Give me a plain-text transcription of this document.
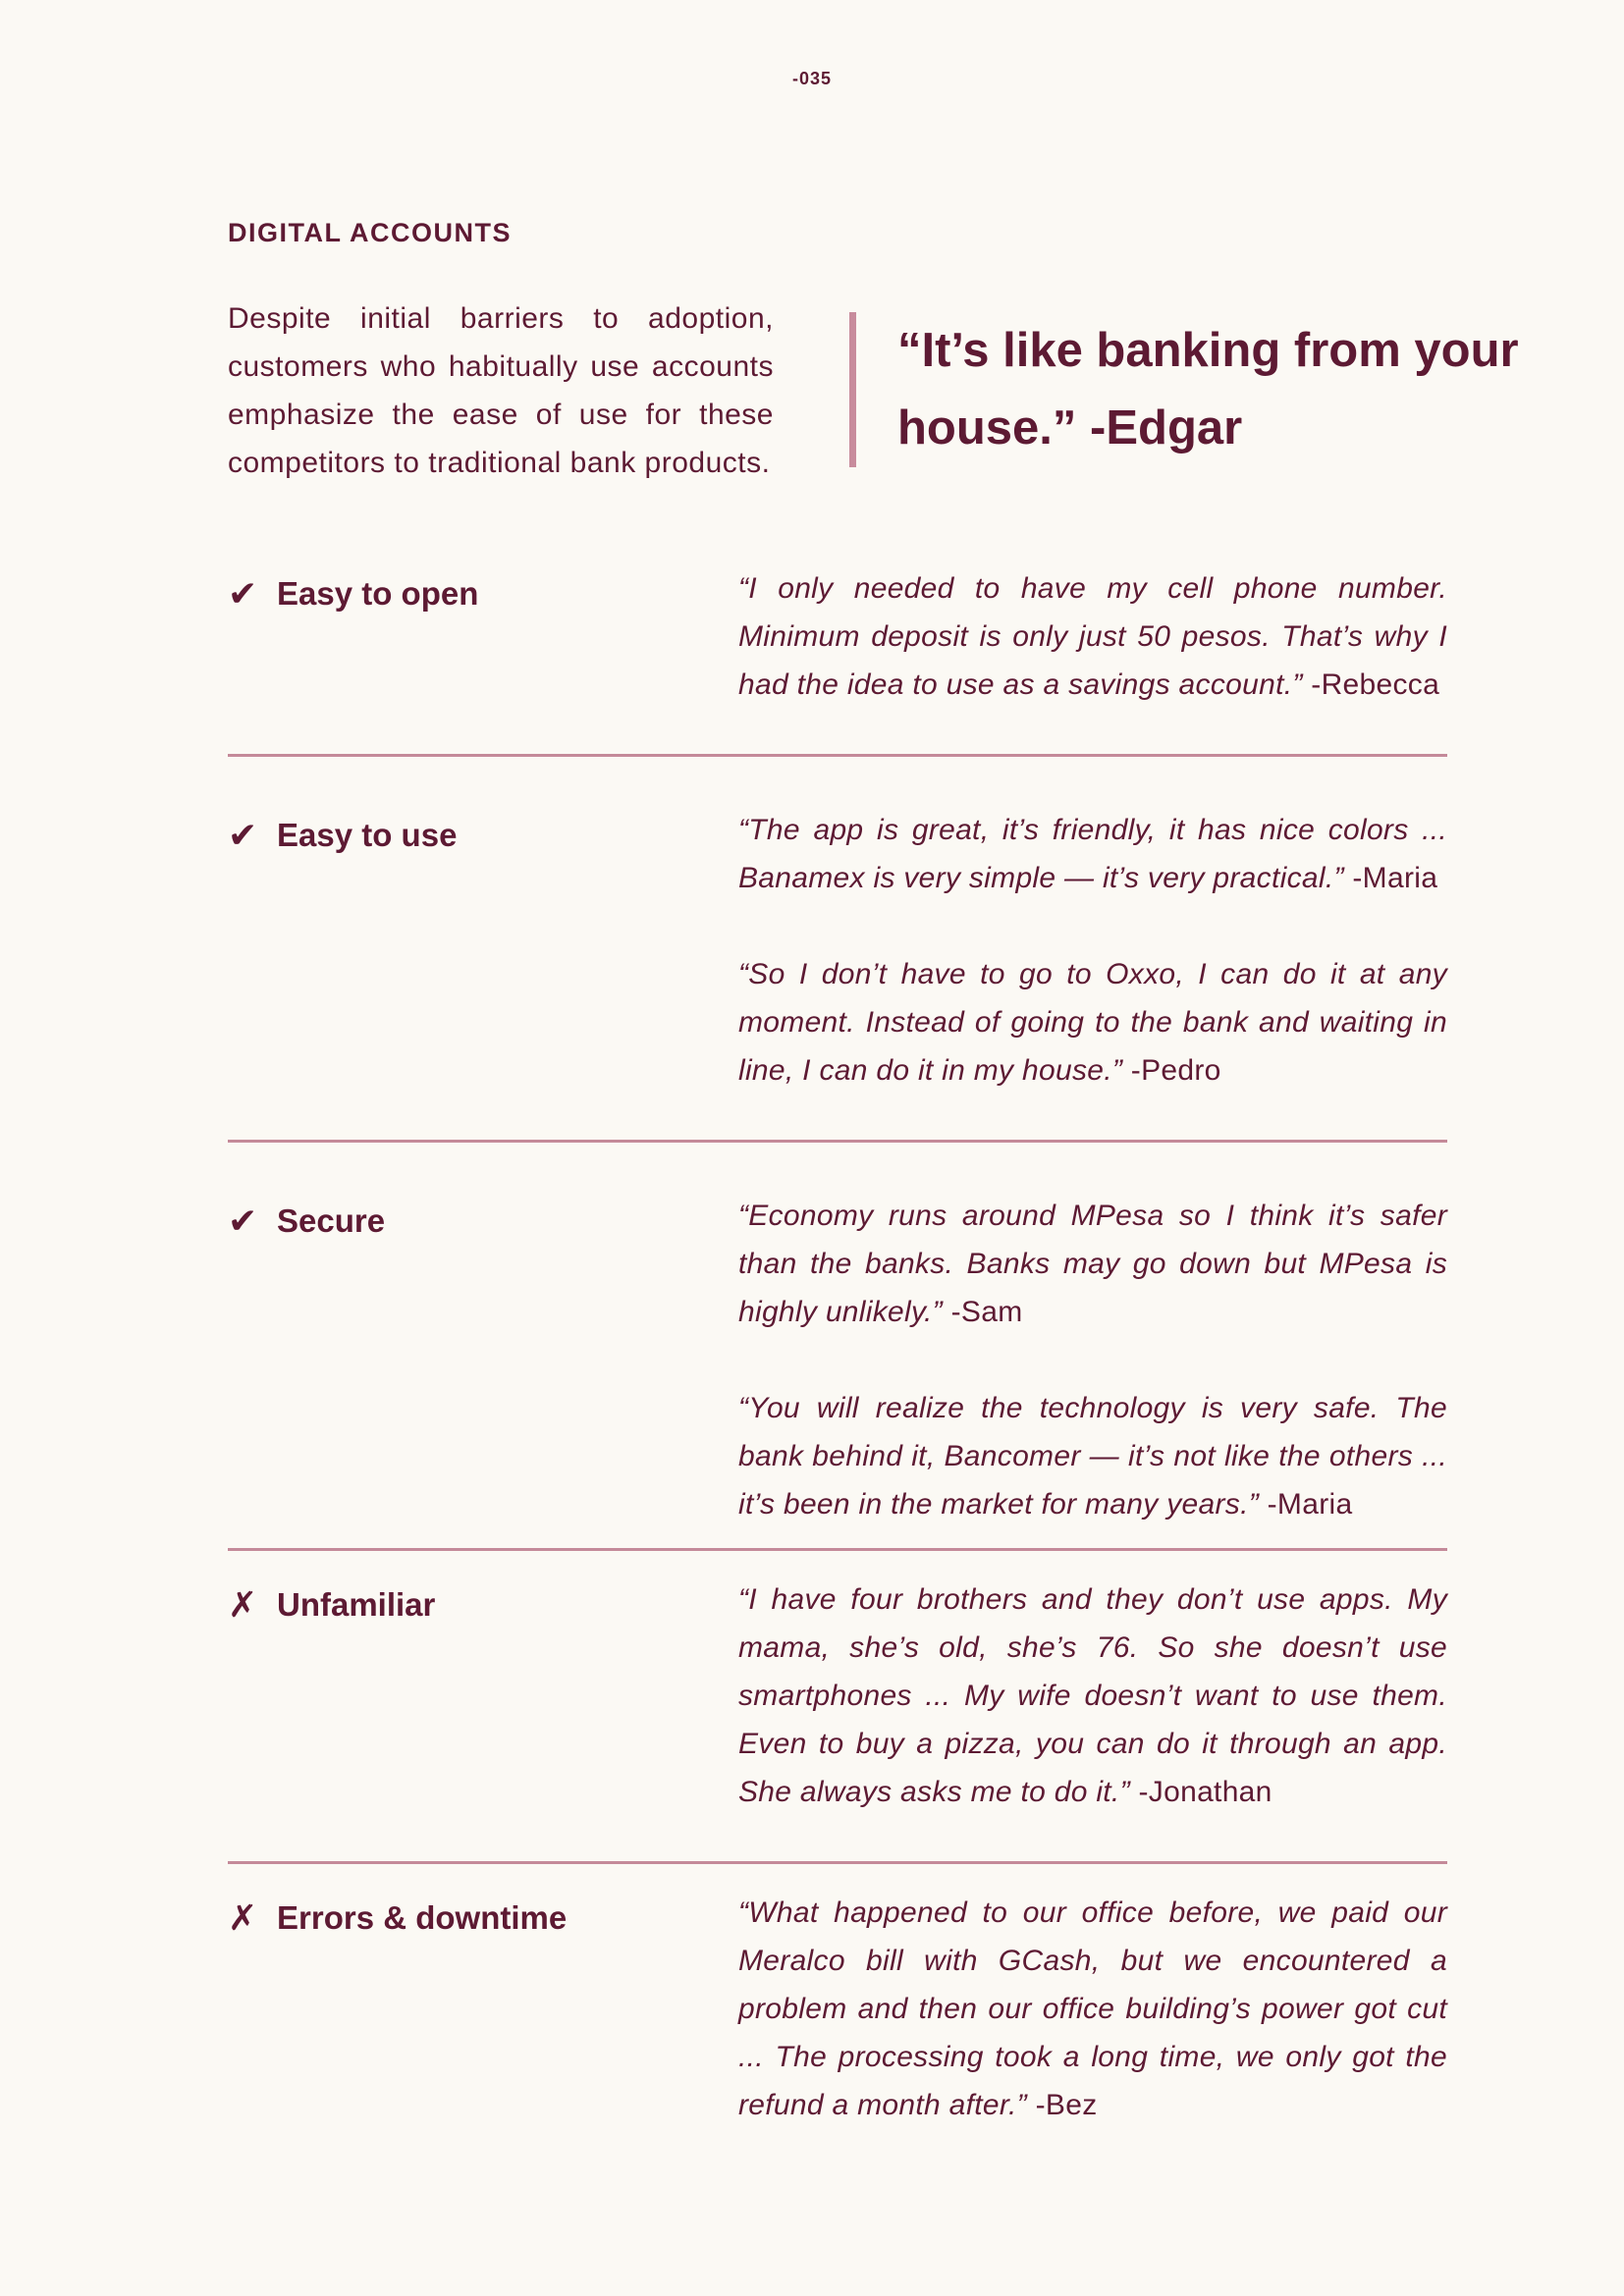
-035
DIGITAL ACCOUNTS
Despite initial barriers to adoption, customers who habitually use accounts emphasize the ease of use for these competitors to traditional bank products.
“It’s like banking from your house.” -Edgar
✔ Easy to open	“I only needed to have my cell phone number. Minimum deposit is only just 50 pesos. That’s why I had the idea to use as a savings account.” -Rebecca
✔ Easy to use	“The app is great, it’s friendly, it has nice colors ... Banamex is very simple — it’s very practical.” -Maria
“So I don’t have to go to Oxxo, I can do it at any moment. Instead of going to the bank and waiting in line, I can do it in my house.” -Pedro
✔ Secure	“Economy runs around MPesa so I think it’s safer than the banks. Banks may go down but MPesa is highly unlikely.” -Sam
“You will realize the technology is very safe. The bank behind it, Bancomer — it’s not like the others ... it’s been in the market for many years.” -Maria
✗ Unfamiliar	“I have four brothers and they don’t use apps. My mama, she’s old, she’s 76. So she doesn’t use smartphones ... My wife doesn’t want to use them. Even to buy a pizza, you can do it through an app. She always asks me to do it.” -Jonathan
✗ Errors & downtime	“What happened to our office before, we paid our Meralco bill with GCash, but we encountered a problem and then our office building’s power got cut ... The processing took a long time, we only got the refund a month after.” -Bez
